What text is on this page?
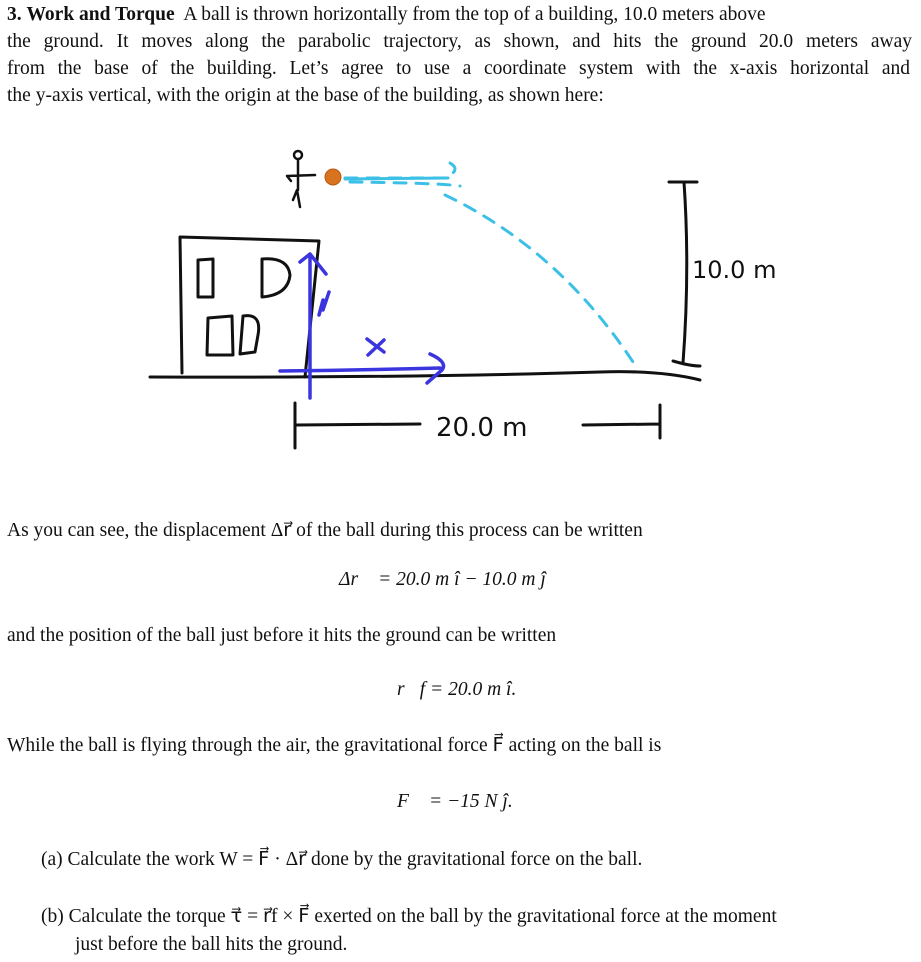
3. Work and Torque A ball is thrown horizontally from the top of a building, 10.0 meters above
the ground. It moves along the parabolic trajectory, as shown, and hits the ground 20.0 meters away
from the base of the building. Let’s agree to use a coordinate system with the x-axis horizontal and
the y-axis vertical, with the origin at the base of the building, as shown here:
10.0 m
20.0 m
As you can see, the displacement Δr⃗ of the ball during this process can be written
Δr⃗ = 20.0 m î − 10.0 m ĵ
and the position of the ball just before it hits the ground can be written
r⃗f = 20.0 m î.
While the ball is flying through the air, the gravitational force F⃗ acting on the ball is
F⃗ = −15 N ĵ.
(a) Calculate the work W = F⃗ · Δr⃗ done by the gravitational force on the ball.
(b) Calculate the torque τ⃗ = r⃗f × F⃗ exerted on the ball by the gravitational force at the moment
just before the ball hits the ground.
